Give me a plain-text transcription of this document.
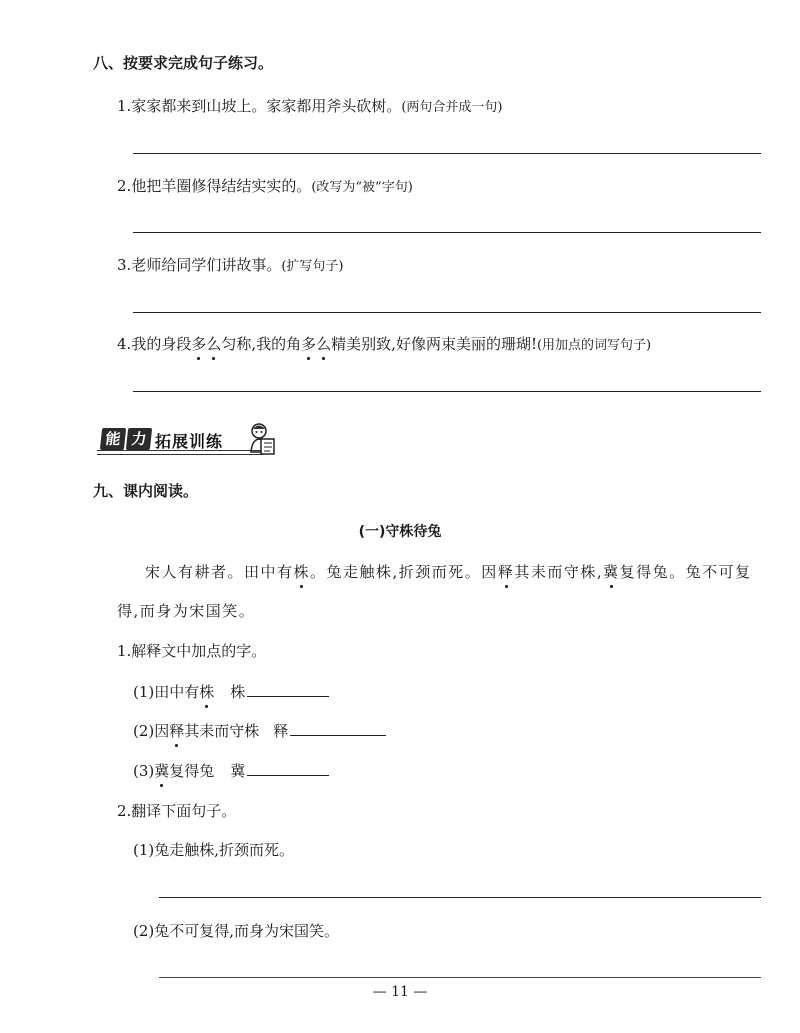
八、按要求完成句子练习。
1.家家都来到山坡上。家家都用斧头砍树。(两句合并成一句)
2.他把羊圈修得结结实实的。(改写为“被”字句)
3.老师给同学们讲故事。(扩写句子)
4.我的身段多么匀称,我的角多么精美别致,好像两束美丽的珊瑚!(用加点的词写句子)
能 力 拓展训练
九、课内阅读。
(一)守株待兔
宋人有耕者。田中有株。兔走触株,折颈而死。因释其耒而守株,冀复得兔。兔不可复
得,而身为宋国笑。
1.解释文中加点的字。
(1)田中有株 株
(2)因释其耒而守株 释
(3)冀复得兔 冀
2.翻译下面句子。
(1)兔走触株,折颈而死。
(2)兔不可复得,而身为宋国笑。
— 11 —
